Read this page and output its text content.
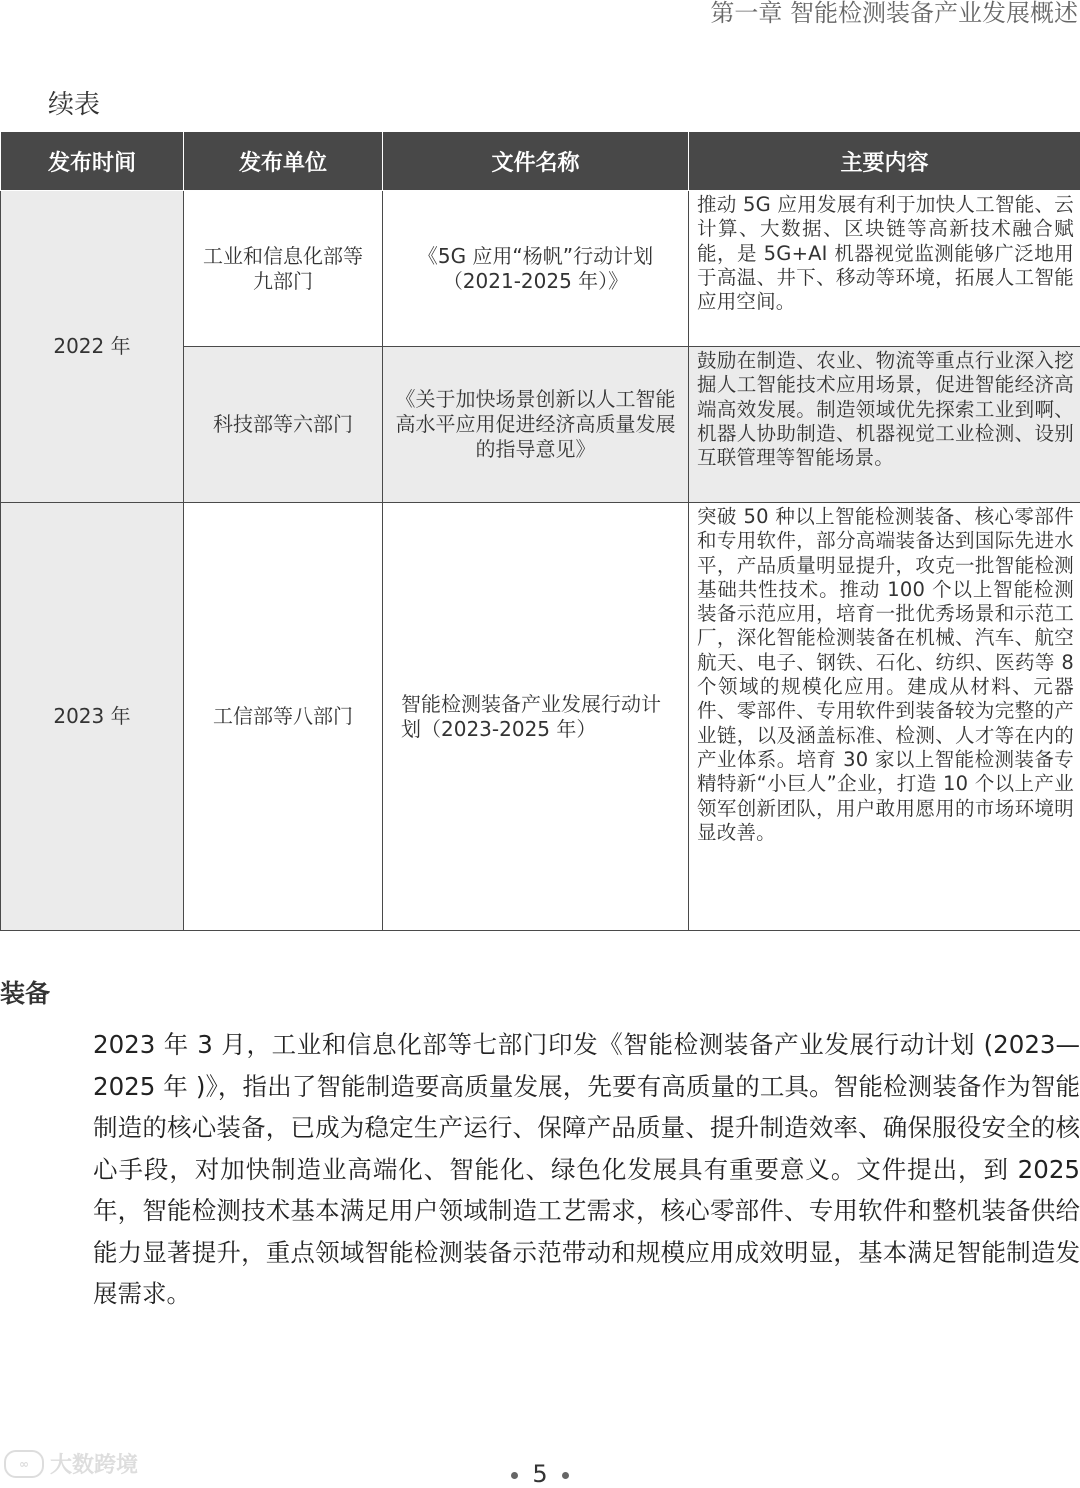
第一章 智能检测装备产业发展概述
续表
发布时间	发布单位	文件名称	主要内容
2022 年	工业和信息化部等九部门	《5G 应用“杨帆”行动计划（2021-2025 年）》	推动 5G 应用发展有利于加快人工智能、云计算、大数据、区块链等高新技术融合赋能，是 5G+AI 机器视觉监测能够广泛地用于高温、井下、移动等环境，拓展人工智能应用空间。

	科技部等六部门	《关于加快场景创新以人工智能高水平应用促进经济高质量发展的指导意见》	鼓励在制造、农业、物流等重点行业深入挖掘人工智能技术应用场景，促进智能经济高端高效发展。制造领域优先探索工业到啊、机器人协助制造、机器视觉工业检测、设别互联管理等智能场景。
2023 年	工信部等八部门	智能检测装备产业发展行动计划（2023-2025 年）	突破 50 种以上智能检测装备、核心零部件和专用软件，部分高端装备达到国际先进水平，产品质量明显提升，攻克一批智能检测基础共性技术。推动 100 个以上智能检测装备示范应用，培育一批优秀场景和示范工厂，深化智能检测装备在机械、汽车、航空航天、电子、钢铁、石化、纺织、医药等 8 个领域的规模化应用。建成从材料、元器件、零部件、专用软件到装备较为完整的产业链，以及涵盖标准、检测、人才等在内的产业体系。培育 30 家以上智能检测装备专精特新“小巨人”企业，打造 10 个以上产业领军创新团队，用户敢用愿用的市场环境明显改善。
装备
2023 年 3 月，工业和信息化部等七部门印发《智能检测装备产业发展行动计划 (2023—2025 年 )》，指出了智能制造要高质量发展，先要有高质量的工具。智能检测装备作为智能制造的核心装备，已成为稳定生产运行、保障产品质量、提升制造效率、确保服役安全的核心手段，对加快制造业高端化、智能化、绿色化发展具有重要意义。文件提出，到 2025 年，智能检测技术基本满足用户领域制造工艺需求，核心零部件、专用软件和整机装备供给能力显著提升，重点领域智能检测装备示范带动和规模应用成效明显，基本满足智能制造发展需求。
∞ 大数跨境	5
